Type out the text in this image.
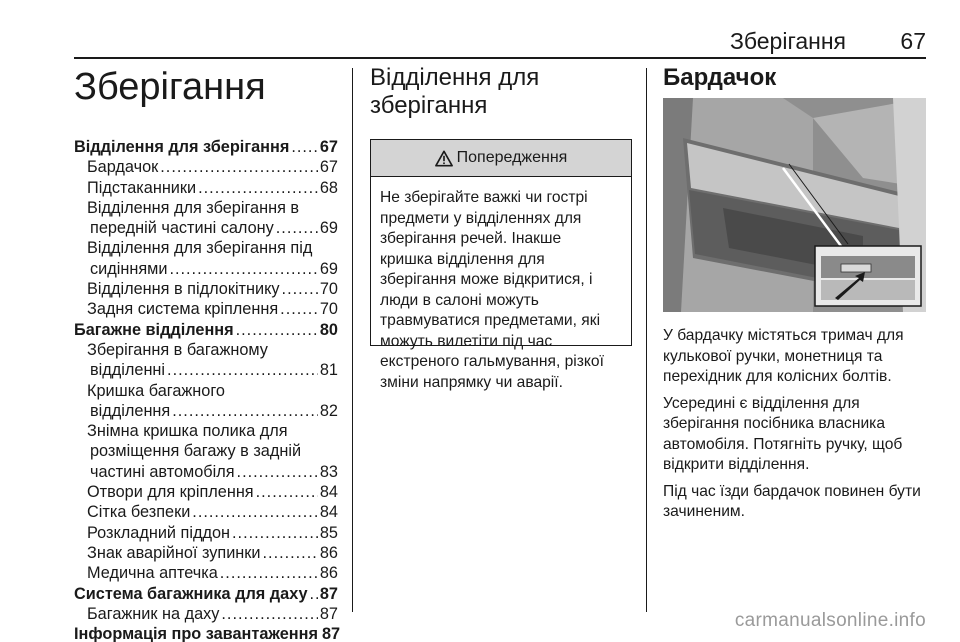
Зберігання 67
Зберігання
Відділення для зберігання ..... 67
Бардачок .....	67
Підстаканники .....	68
Відділення для зберігання в
передній частині салону .....	69
Відділення для зберігання під
сидіннями .....	69
Відділення в підлокітнику ..... 70
Задня система кріплення .....	70
Багажне відділення .....	80
Зберігання в багажному
відділенні .....	81
Кришка багажного
відділення .....	82
Знімна кришка полика для
розміщення багажу в задній
частині автомобіля .....	83
Отвори для кріплення .....	84
Сітка безпеки .....	84
Розкладний піддон .....	85
Знак аварійної зупинки .....	86
Медична аптечка .....	86
Система багажника для даху ..... 87
Багажник на даху .....	87
Інформація про завантаження 87
Відділення для
зберігання
Попередження
Не зберігайте важкі чи гострі
предмети у відділеннях для
зберігання речей. Інакше
кришка відділення для
зберігання може відкритися, і
люди в салоні можуть
травмуватися предметами, які
можуть вилетіти під час
екстреного гальмування, різкої
зміни напрямку чи аварії.
Бардачок

У бардачку містяться тримач для
кулькової ручки, монетниця та
перехідник для колісних болтів.

Усередині є відділення для
зберігання посібника власника
автомобіля. Потягніть ручку, щоб
відкрити відділення.

Під час їзди бардачок повинен бути
зачиненим.

carmanualsonline.info
